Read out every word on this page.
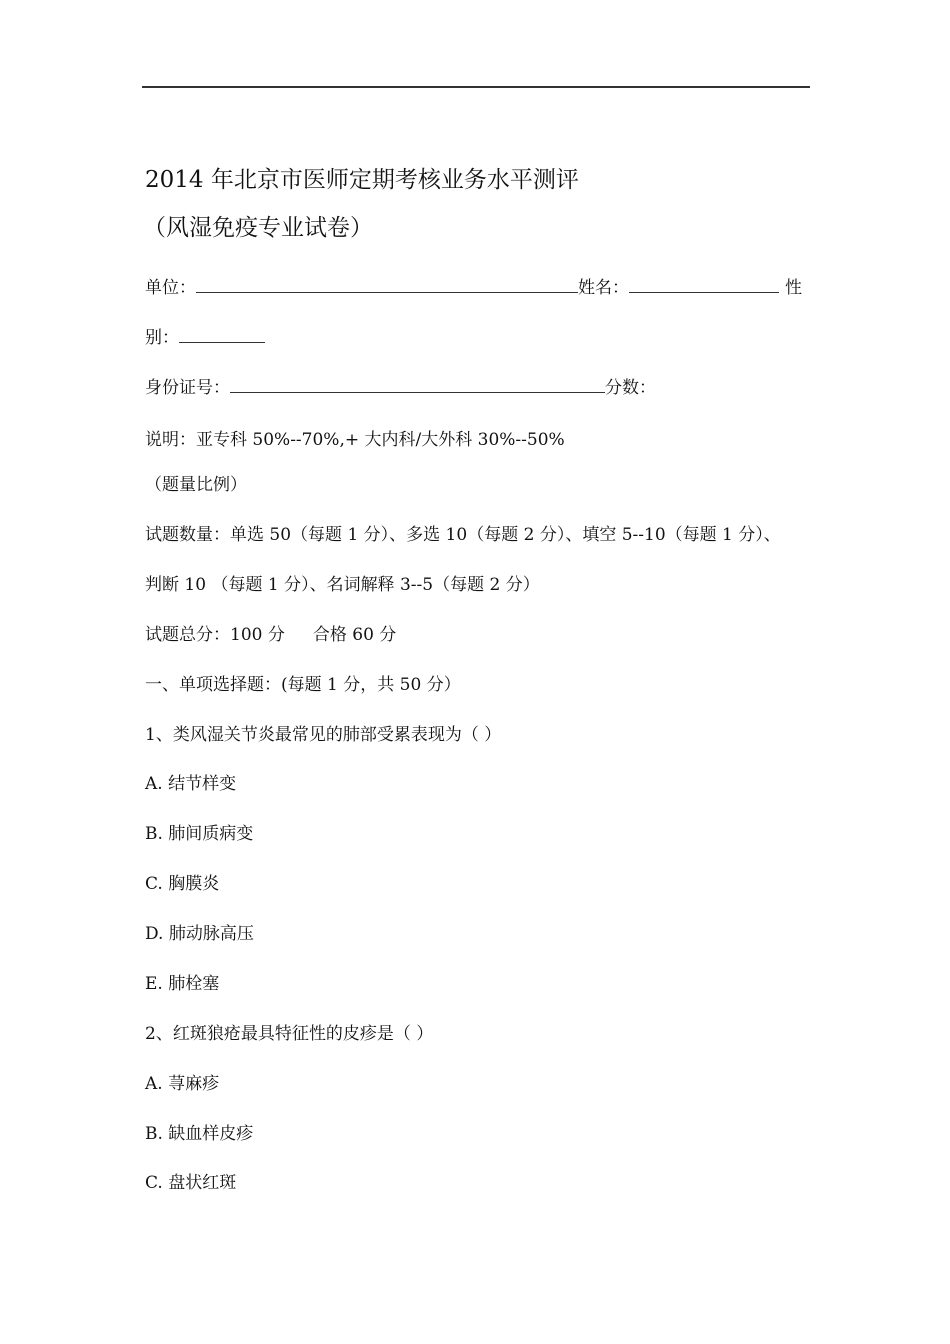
2014 年北京市医师定期考核业务水平测评
（风湿免疫专业试卷）
单位：	姓名：	性
别：
身份证号：	分数：
说明：亚专科 50%--70%,+ 大内科/大外科 30%--50%
（题量比例）
试题数量：单选 50（每题 1 分）、多选 10（每题 2 分）、填空 5--10（每题 1 分）、
判断 10 （每题 1 分）、名词解释 3--5（每题 2 分）
试题总分：100 分 合格 60 分
一、单项选择题：(每题 1 分，共 50 分）
1、类风湿关节炎最常见的肺部受累表现为（ ）
A. 结节样变
B. 肺间质病变
C. 胸膜炎
D. 肺动脉高压
E. 肺栓塞
2、红斑狼疮最具特征性的皮疹是（ ）
A. 荨麻疹
B. 缺血样皮疹
C. 盘状红斑
